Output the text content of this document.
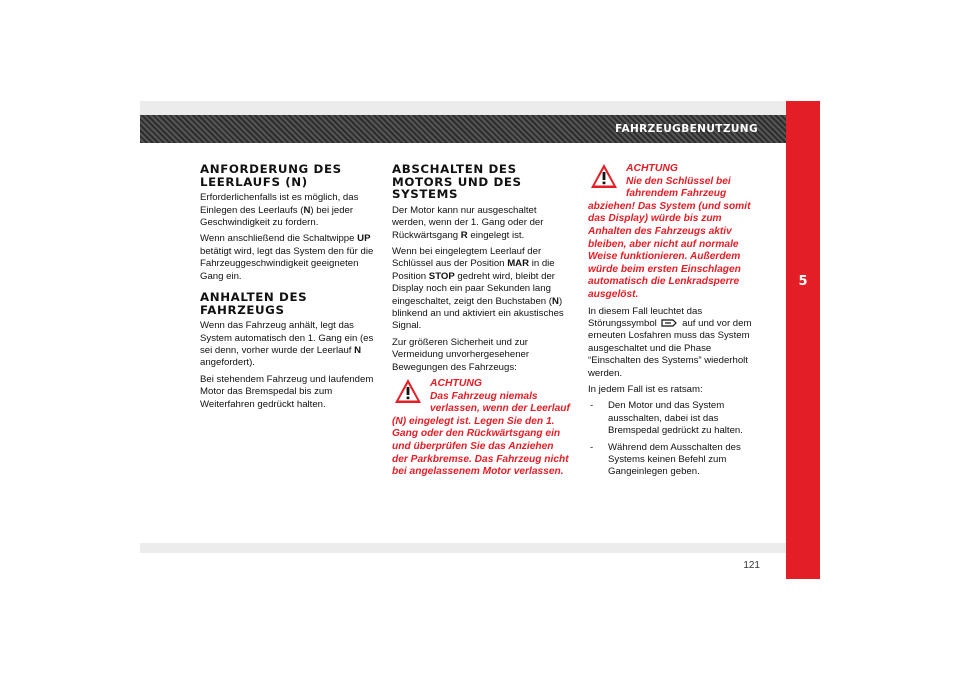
FAHRZEUGBENUTZUNG
5
ANFORDERUNG DES LEERLAUFS (N)

Erforderlichenfalls ist es möglich, das Einlegen des Leerlaufs (N) bei jeder Geschwindigkeit zu fordern.

Wenn anschließend die Schaltwippe UP betätigt wird, legt das System den für die Fahrzeuggeschwindigkeit geeigneten Gang ein.

ANHALTEN DES FAHRZEUGS

Wenn das Fahrzeug anhält, legt das System automatisch den 1. Gang ein (es sei denn, vorher wurde der Leerlauf N angefordert).

Bei stehendem Fahrzeug und laufendem Motor das Bremspedal bis zum Weiterfahren gedrückt halten.

ABSCHALTEN DES MOTORS UND DES SYSTEMS

Der Motor kann nur ausgeschaltet werden, wenn der 1. Gang oder der Rückwärtsgang R eingelegt ist.

Wenn bei eingelegtem Leerlauf der Schlüssel aus der Position MAR in die Position STOP gedreht wird, bleibt der Display noch ein paar Sekunden lang eingeschaltet, zeigt den Buchstaben (N) blinkend an und aktiviert ein akustisches Signal.

Zur größeren Sicherheit und zur Vermeidung unvorhergesehener Bewegungen des Fahrzeugs:

ACHTUNG
Das Fahrzeug niemals verlassen, wenn der Leerlauf (N) eingelegt ist. Legen Sie den 1. Gang oder den Rückwärtsgang ein und überprüfen Sie das Anziehen der Parkbremse. Das Fahrzeug nicht bei angelassenem Motor verlassen.
ACHTUNG
Nie den Schlüssel bei fahrendem Fahrzeug abziehen! Das System (und somit das Display) würde bis zum Anhalten des Fahrzeugs aktiv bleiben, aber nicht auf normale Weise funktionieren. Außerdem würde beim ersten Einschlagen automatisch die Lenkradsperre ausgelöst.

In diesem Fall leuchtet das Störungssymbol  auf und vor dem erneuten Losfahren muss das System ausgeschaltet und die Phase “Einschalten des Systems” wiederholt werden.

In jedem Fall ist es ratsam:

- Den Motor und das System ausschalten, dabei ist das Bremspedal gedrückt zu halten.
- Während dem Ausschalten des Systems keinen Befehl zum Gangeinlegen geben.
121
